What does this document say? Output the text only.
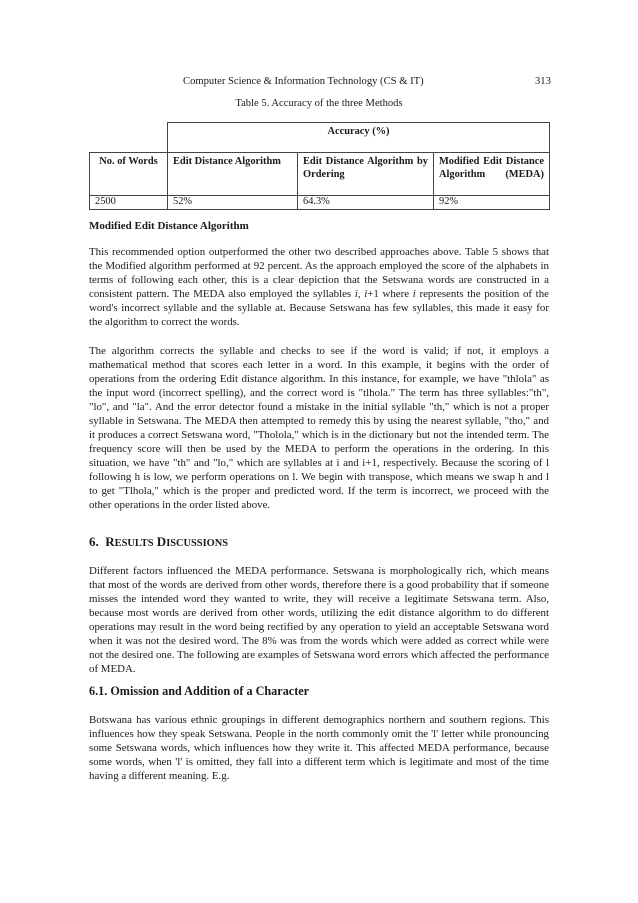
Computer Science & Information Technology (CS & IT)	313
Table 5. Accuracy of the three Methods
	Accuracy (%)		
No. of Words	Edit Distance Algorithm	Edit Distance Algorithm by Ordering	Modified Edit Distance Algorithm (MEDA)
2500	52%	64.3%	92%
Modified Edit Distance Algorithm
This recommended option outperformed the other two described approaches above. Table 5 shows that the Modified algorithm performed at 92 percent. As the approach employed the score of the alphabets in terms of following each other, this is a clear depiction that the Setswana words are constructed in a consistent pattern. The MEDA also employed the syllables i, i+1 where i represents the position of the word's incorrect syllable and the syllable at. Because Setswana has few syllables, this made it easy for the algorithm to correct the words.
The algorithm corrects the syllable and checks to see if the word is valid; if not, it employs a mathematical method that scores each letter in a word. In this example, it begins with the order of operations from the ordering Edit distance algorithm. In this instance, for example, we have "thlola" as the input word (incorrect spelling), and the correct word is "tlhola." The term has three syllables:"th", "lo", and "la". And the error detector found a mistake in the initial syllable "th," which is not a proper syllable in Setswana. The MEDA then attempted to remedy this by using the nearest syllable, "tho," and it produces a correct Setswana word, "Tholola," which is in the dictionary but not the intended term. The frequency score will then be used by the MEDA to perform the operations in the ordering. In this situation, we have "th" and "lo," which are syllables at i and i+1, respectively. Because the scoring of l following h is low, we perform operations on l. We begin with transpose, which means we swap h and l to get "Tlhola," which is the proper and predicted word. If the term is incorrect, we proceed with the other operations in the order listed above.
6. RESULTS DISCUSSIONS
Different factors influenced the MEDA performance. Setswana is morphologically rich, which means that most of the words are derived from other words, therefore there is a good probability that if someone misses the intended word they wanted to write, they will receive a legitimate Setswana term. Also, because most words are derived from other words, utilizing the edit distance algorithm to do different operations may result in the word being rectified by any operation to yield an acceptable Setswana word when it was not the desired word. The 8% was from the words which were added as correct while were not the desired one. The following are examples of Setswana word errors which affected the performance of MEDA.
6.1. Omission and Addition of a Character
Botswana has various ethnic groupings in different demographics northern and southern regions. This influences how they speak Setswana. People in the north commonly omit the 'l' letter while pronouncing some Setswana words, which influences how they write it. This affected MEDA performance, because some words, when 'l' is omitted, they fall into a different term which is legitimate and most of the time having a different meaning. E.g.
